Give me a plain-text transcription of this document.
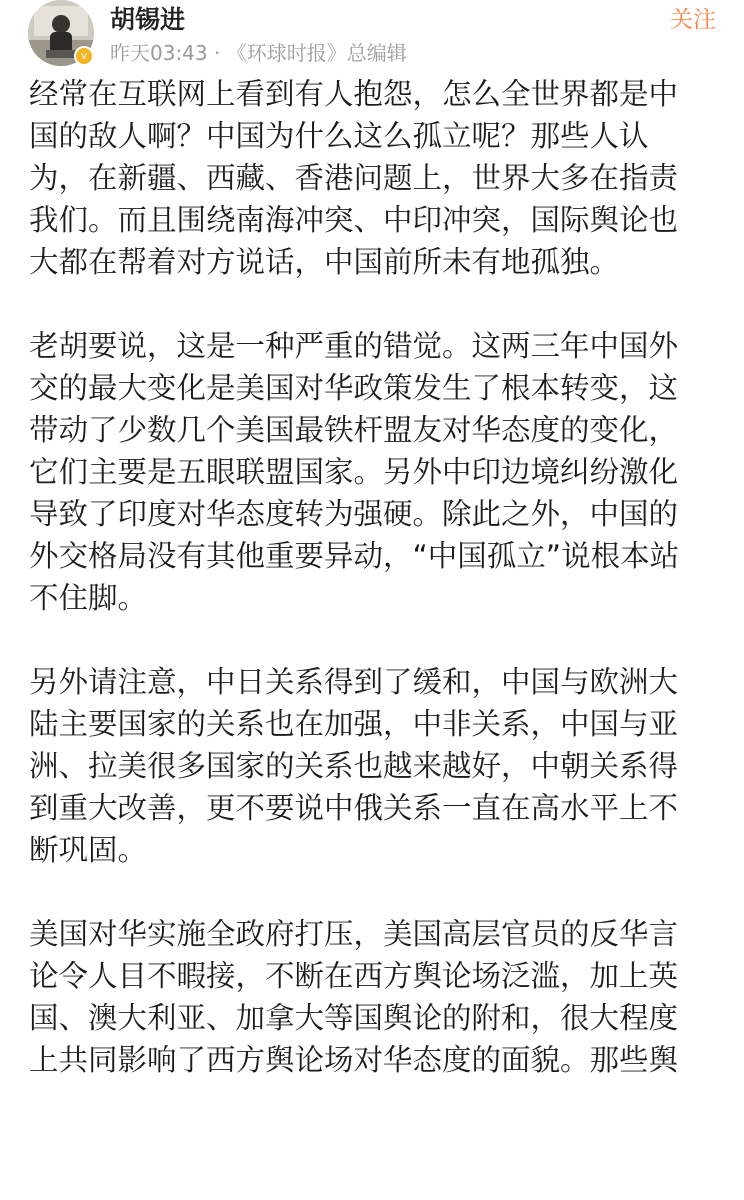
v
胡锡进
昨天03:43 · 《环球时报》总编辑
关注
经常在互联网上看到有人抱怨，怎么全世界都是中
国的敌人啊？中国为什么这么孤立呢？那些人认
为，在新疆、西藏、香港问题上，世界大多在指责
我们。而且围绕南海冲突、中印冲突，国际舆论也
大都在帮着对方说话，中国前所未有地孤独。
老胡要说，这是一种严重的错觉。这两三年中国外
交的最大变化是美国对华政策发生了根本转变，这
带动了少数几个美国最铁杆盟友对华态度的变化，
它们主要是五眼联盟国家。另外中印边境纠纷激化
导致了印度对华态度转为强硬。除此之外，中国的
外交格局没有其他重要异动，“中国孤立”说根本站
不住脚。
另外请注意，中日关系得到了缓和，中国与欧洲大
陆主要国家的关系也在加强，中非关系，中国与亚
洲、拉美很多国家的关系也越来越好，中朝关系得
到重大改善，更不要说中俄关系一直在高水平上不
断巩固。
美国对华实施全政府打压，美国高层官员的反华言
论令人目不暇接，不断在西方舆论场泛滥，加上英
国、澳大利亚、加拿大等国舆论的附和，很大程度
上共同影响了西方舆论场对华态度的面貌。那些舆
